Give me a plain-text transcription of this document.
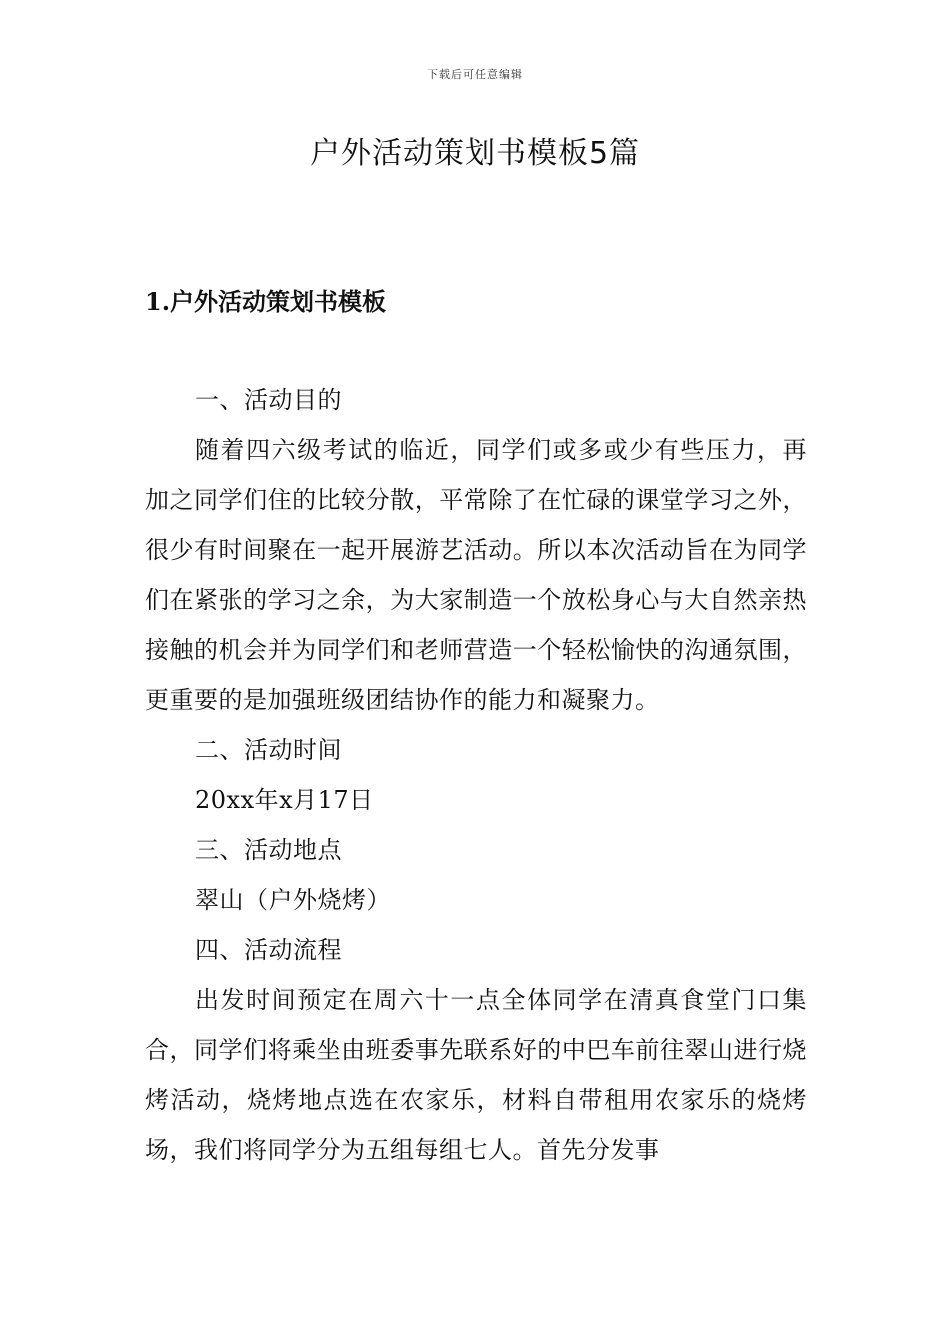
下载后可任意编辑
户外活动策划书模板5篇
1.户外活动策划书模板

一、活动目的

随着四六级考试的临近，同学们或多或少有些压力，再加之同学们住的比较分散，平常除了在忙碌的课堂学习之外，很少有时间聚在一起开展游艺活动。所以本次活动旨在为同学们在紧张的学习之余，为大家制造一个放松身心与大自然亲热接触的机会并为同学们和老师营造一个轻松愉快的沟通氛围，更重要的是加强班级团结协作的能力和凝聚力。

二、活动时间

20xx年x月17日

三、活动地点

翠山（户外烧烤）

四、活动流程

出发时间预定在周六十一点全体同学在清真食堂门口集合，同学们将乘坐由班委事先联系好的中巴车前往翠山进行烧烤活动，烧烤地点选在农家乐，材料自带租用农家乐的烧烤场，我们将同学分为五组每组七人。首先分发事
